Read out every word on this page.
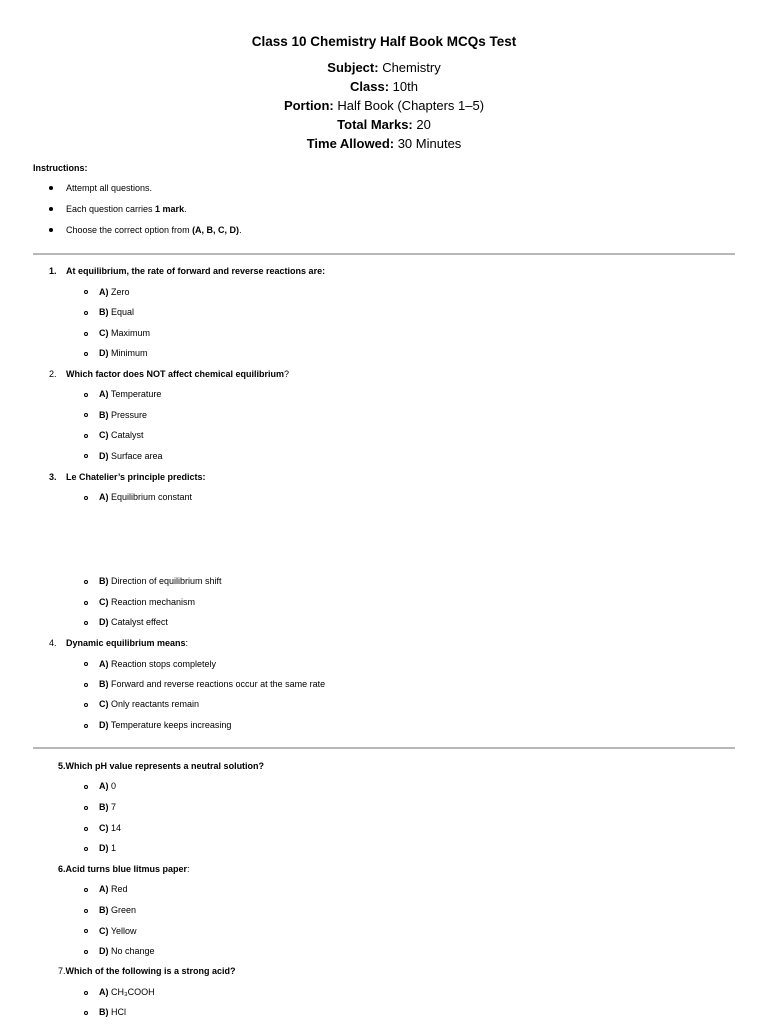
Class 10 Chemistry Half Book MCQs Test
Subject: Chemistry
Class: 10th
Portion: Half Book (Chapters 1–5)
Total Marks: 20
Time Allowed: 30 Minutes
Instructions:
Attempt all questions.
Each question carries 1 mark.
Choose the correct option from (A, B, C, D).
1. At equilibrium, the rate of forward and reverse reactions are:
A) Zero
B) Equal
C) Maximum
D) Minimum
2. Which factor does NOT affect chemical equilibrium?
A) Temperature
B) Pressure
C) Catalyst
D) Surface area
3. Le Chatelier’s principle predicts:
A) Equilibrium constant
B) Direction of equilibrium shift
C) Reaction mechanism
D) Catalyst effect
4. Dynamic equilibrium means:
A) Reaction stops completely
B) Forward and reverse reactions occur at the same rate
C) Only reactants remain
D) Temperature keeps increasing
5.Which pH value represents a neutral solution?
A) 0
B) 7
C) 14
D) 1
6.Acid turns blue litmus paper:
A) Red
B) Green
C) Yellow
D) No change
7.Which of the following is a strong acid?
A) CH₃COOH
B) HCl
